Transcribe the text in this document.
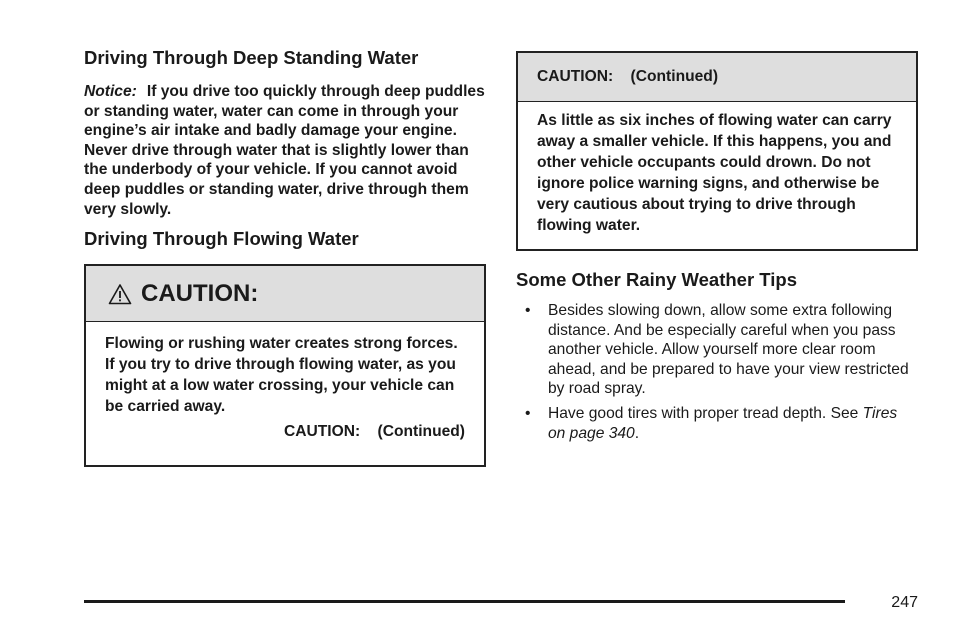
Driving Through Deep Standing Water

Notice: If you drive too quickly through deep puddles or standing water, water can come in through your engine’s air intake and badly damage your engine. Never drive through water that is slightly lower than the underbody of your vehicle. If you cannot avoid deep puddles or standing water, drive through them very slowly.

Driving Through Flowing Water
CAUTION:

Flowing or rushing water creates strong forces. If you try to drive through flowing water, as you might at a low water crossing, your vehicle can be carried away.

CAUTION:    (Continued)
CAUTION:    (Continued)

As little as six inches of flowing water can carry away a smaller vehicle. If this happens, you and other vehicle occupants could drown. Do not ignore police warning signs, and otherwise be very cautious about trying to drive through flowing water.

Some Other Rainy Weather Tips
• Besides slowing down, allow some extra following distance. And be especially careful when you pass another vehicle. Allow yourself more clear room ahead, and be prepared to have your view restricted by road spray.
• Have good tires with proper tread depth. See Tires on page 340.
247
